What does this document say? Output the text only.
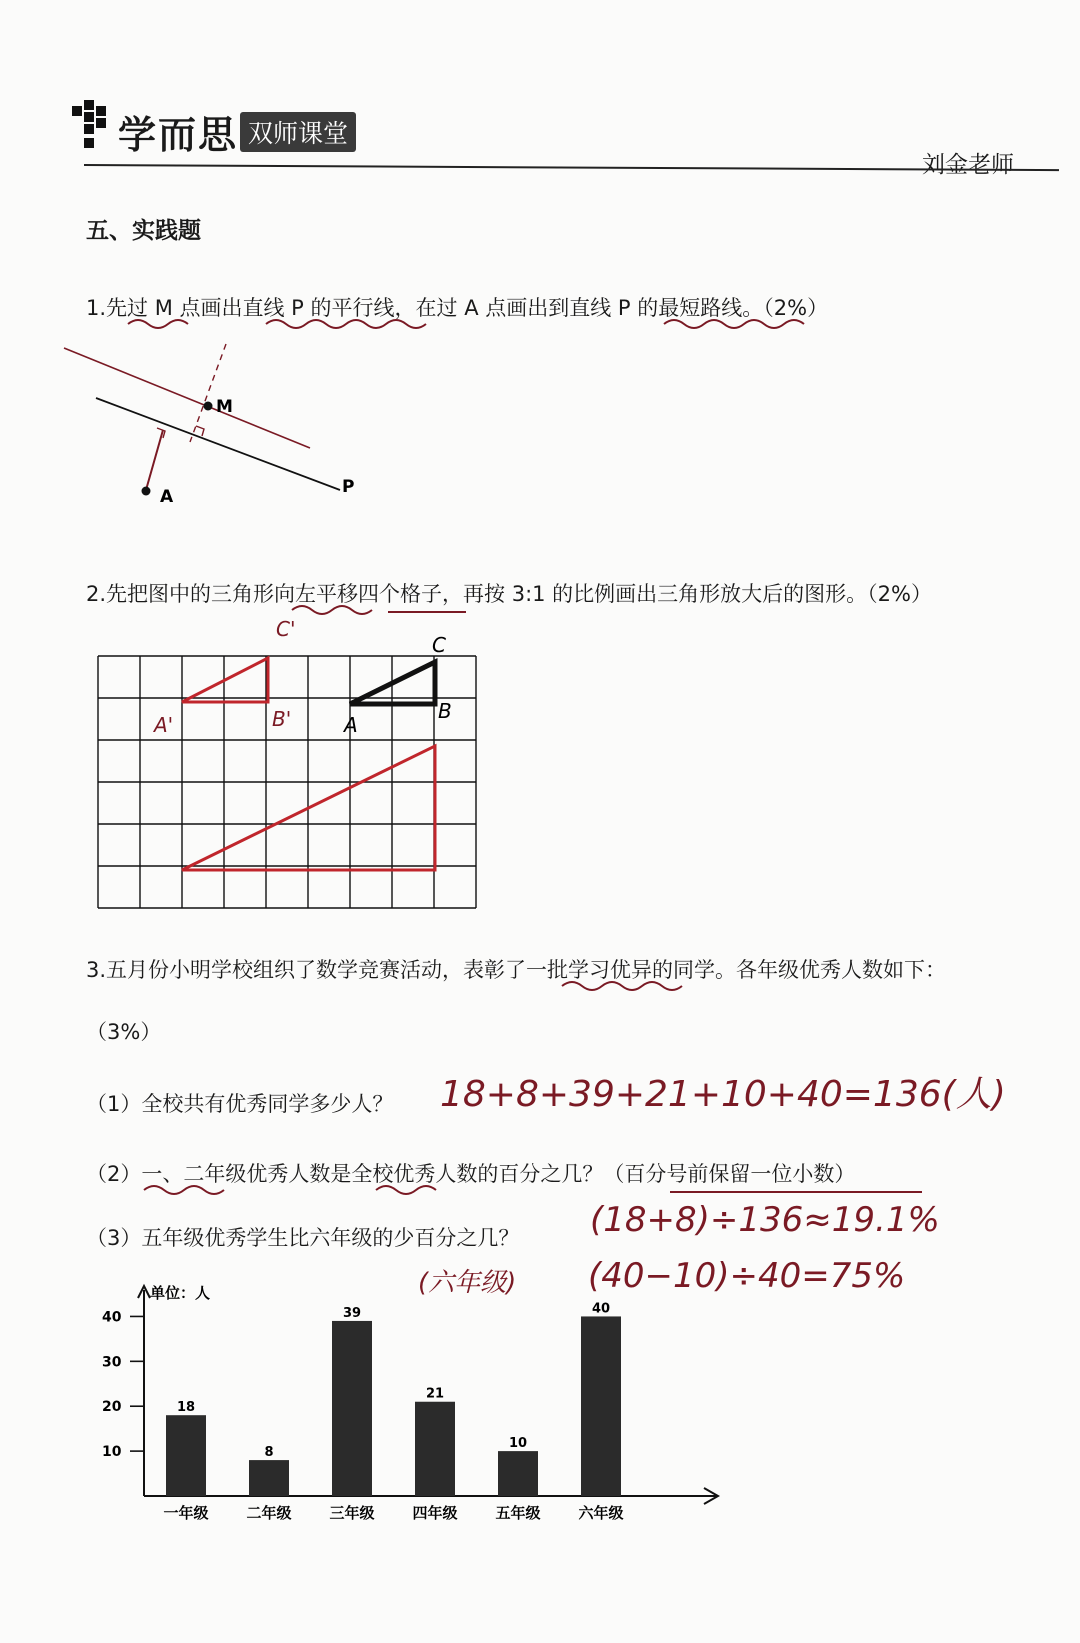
学而思 双师课堂
刘金老师
五、实践题
1.先过 M 点画出直线 P 的平行线，在过 A 点画出到直线 P 的最短路线。（2%）
M
A	P
2.先把图中的三角形向左平移四个格子，再按 3:1 的比例画出三角形放大后的图形。（2%）
A
B
C
A'	B'
C'
3.五月份小明学校组织了数学竞赛活动，表彰了一批学习优异的同学。各年级优秀人数如下：
（3%）
（1）全校共有优秀同学多少人？ 18+8+39+21+10+40=136(人)
（2）一、二年级优秀人数是全校优秀人数的百分之几？（百分号前保留一位小数）
（3）五年级优秀学生比六年级的少百分之几？ (18+8)÷136≈19.1%
(六年级) (40−10)÷40=75%
单位：人
10
20
30
40
18
一年级
8
二年级
39
三年级
21
四年级
10
五年级
40
六年级
